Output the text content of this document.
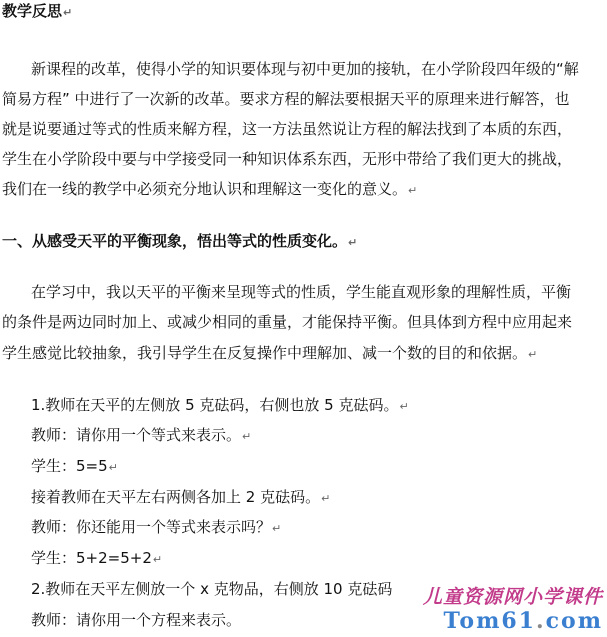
教学反思↵
新课程的改革，使得小学的知识要体现与初中更加的接轨，在小学阶段四年级的“解
简易方程” 中进行了一次新的改革。要求方程的解法要根据天平的原理来进行解答，也
就是说要通过等式的性质来解方程，这一方法虽然说让方程的解法找到了本质的东西，
学生在小学阶段中要与中学接受同一种知识体系东西，无形中带给了我们更大的挑战，
我们在一线的教学中必须充分地认识和理解这一变化的意义。↵
一、从感受天平的平衡现象，悟出等式的性质变化。↵
在学习中，我以天平的平衡来呈现等式的性质，学生能直观形象的理解性质，平衡
的条件是两边同时加上、或减少相同的重量，才能保持平衡。但具体到方程中应用起来
学生感觉比较抽象，我引导学生在反复操作中理解加、减一个数的目的和依据。↵
1.教师在天平的左侧放 5 克砝码，右侧也放 5 克砝码。↵
教师：请你用一个等式来表示。↵
学生：5=5↵
接着教师在天平左右两侧各加上 2 克砝码。↵
教师：你还能用一个等式来表示吗？↵
学生：5+2=5+2↵
2.教师在天平左侧放一个 x 克物品，右侧放 10 克砝码
教师：请你用一个方程来表示。
儿童资源网小学课件
Tom61.com
